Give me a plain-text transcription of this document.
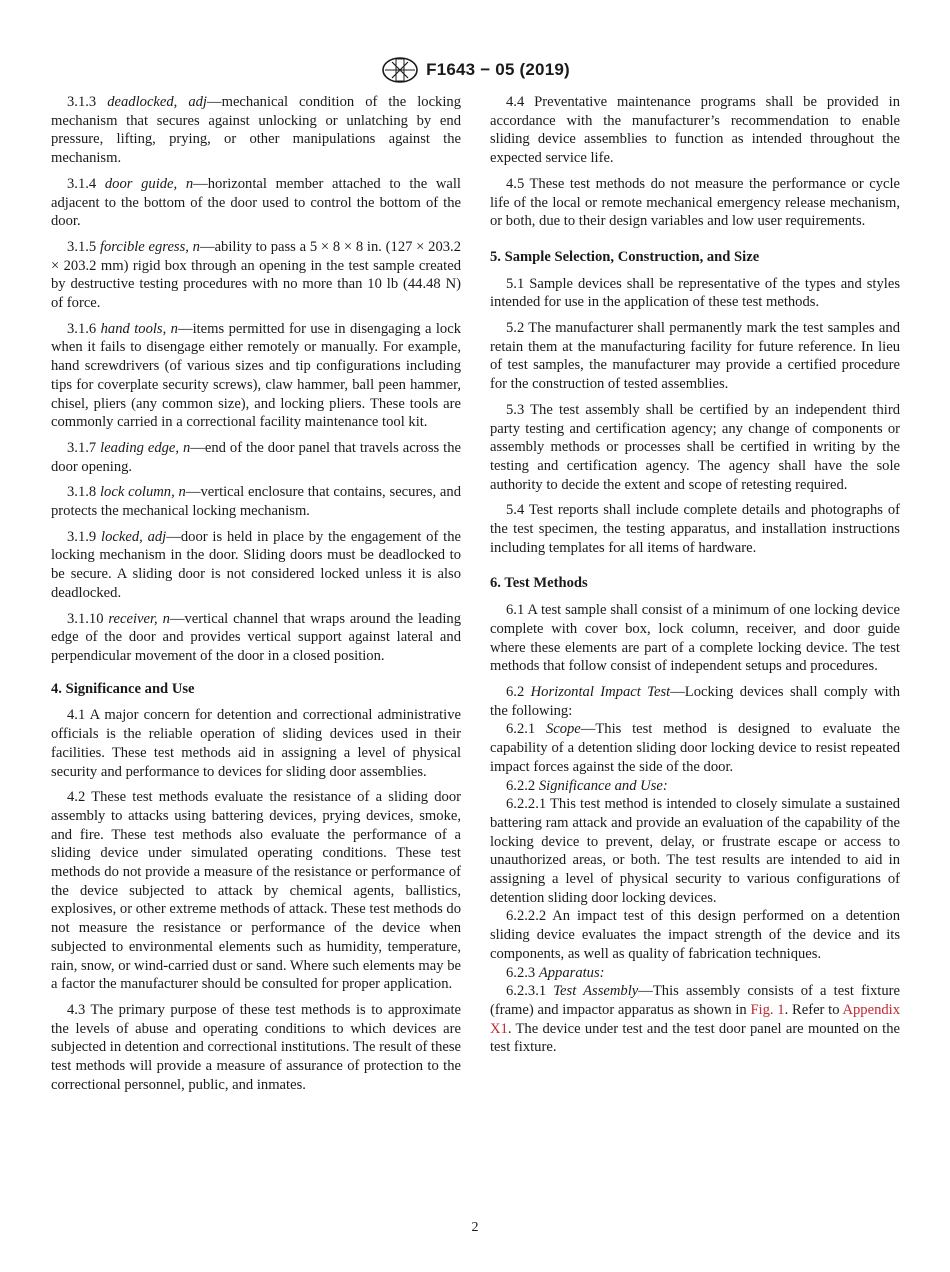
F1643 − 05 (2019)

3.1.3 deadlocked, adj—mechanical condition of the locking mechanism that secures against unlocking or unlatching by end pressure, lifting, prying, or other manipulations against the mechanism.

3.1.4 door guide, n—horizontal member attached to the wall adjacent to the bottom of the door used to control the bottom of the door.

3.1.5 forcible egress, n—ability to pass a 5 × 8 × 8 in. (127 × 203.2 × 203.2 mm) rigid box through an opening in the test sample created by destructive testing procedures with no more than 10 lb (44.48 N) of force.

3.1.6 hand tools, n—items permitted for use in disengaging a lock when it fails to disengage either remotely or manually. For example, hand screwdrivers (of various sizes and tip configurations including tips for coverplate security screws), claw hammer, ball peen hammer, chisel, pliers (any common size), and locking pliers. These tools are commonly carried in a correctional facility maintenance tool kit.

3.1.7 leading edge, n—end of the door panel that travels across the door opening.

3.1.8 lock column, n—vertical enclosure that contains, secures, and protects the mechanical locking mechanism.

3.1.9 locked, adj—door is held in place by the engagement of the locking mechanism in the door. Sliding doors must be deadlocked to be secure. A sliding door is not considered locked unless it is also deadlocked.

3.1.10 receiver, n—vertical channel that wraps around the leading edge of the door and provides vertical support against lateral and perpendicular movement of the door in a closed position.

4. Significance and Use

4.1 A major concern for detention and correctional administrative officials is the reliable operation of sliding devices used in their facilities. These test methods aid in assigning a level of physical security and performance to devices for sliding door assemblies.

4.2 These test methods evaluate the resistance of a sliding door assembly to attacks using battering devices, prying devices, smoke, and fire. These test methods also evaluate the performance of a sliding device under simulated operating conditions. These test methods do not provide a measure of the resistance or performance of the device subjected to attack by chemical agents, ballistics, explosives, or other extreme methods of attack. These test methods do not measure the resistance or performance of the device when subjected to environmental elements such as humidity, temperature, rain, snow, or wind-carried dust or sand. Where such elements may be a factor the manufacturer should be consulted for proper application.

4.3 The primary purpose of these test methods is to approximate the levels of abuse and operating conditions to which devices are subjected in detention and correctional institutions. The result of these test methods will provide a measure of assurance of protection to the correctional personnel, public, and inmates.

4.4 Preventative maintenance programs shall be provided in accordance with the manufacturer’s recommendation to enable sliding device assemblies to function as intended throughout the expected service life.

4.5 These test methods do not measure the performance or cycle life of the local or remote mechanical emergency release mechanism, or both, due to their design variables and low user requirements.

5. Sample Selection, Construction, and Size

5.1 Sample devices shall be representative of the types and styles intended for use in the application of these test methods.

5.2 The manufacturer shall permanently mark the test samples and retain them at the manufacturing facility for future reference. In lieu of test samples, the manufacturer may provide a certified procedure for the construction of tested assemblies.

5.3 The test assembly shall be certified by an independent third party testing and certification agency; any change of components or assembly methods or processes shall be certified in writing by the testing and certification agency. The agency shall have the sole authority to decide the extent and scope of retesting required.

5.4 Test reports shall include complete details and photographs of the test specimen, the testing apparatus, and installation instructions including templates for all items of hardware.

6. Test Methods

6.1 A test sample shall consist of a minimum of one locking device complete with cover box, lock column, receiver, and door guide where these elements are part of a complete locking device. The test methods that follow consist of independent setups and procedures.

6.2 Horizontal Impact Test—Locking devices shall comply with the following:

6.2.1 Scope—This test method is designed to evaluate the capability of a detention sliding door locking device to resist repeated impact forces against the side of the door.

6.2.2 Significance and Use:

6.2.2.1 This test method is intended to closely simulate a sustained battering ram attack and provide an evaluation of the capability of the locking device to prevent, delay, or frustrate escape or access to unauthorized areas, or both. The test results are intended to aid in assigning a level of physical security to various configurations of detention sliding door locking devices.

6.2.2.2 An impact test of this design performed on a detention sliding device evaluates the impact strength of the device and its components, as well as quality of fabrication techniques.

6.2.3 Apparatus:

6.2.3.1 Test Assembly—This assembly consists of a test fixture (frame) and impactor apparatus as shown in Fig. 1. Refer to Appendix X1. The device under test and the test door panel are mounted on the test fixture.

2
